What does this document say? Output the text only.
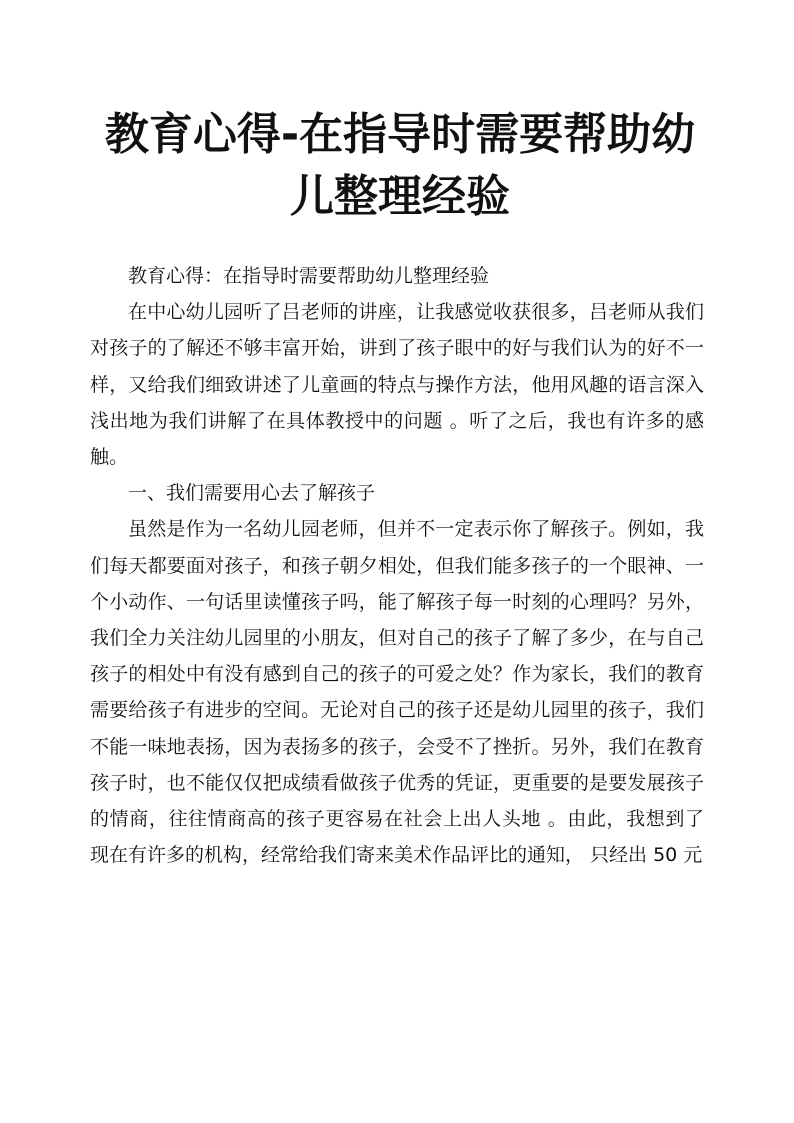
教育心得-在指导时需要帮助幼儿整理经验

教育心得：在指导时需要帮助幼儿整理经验

在中心幼儿园听了吕老师的讲座，让我感觉收获很多，吕老师从我们对孩子的了解还不够丰富开始，讲到了孩子眼中的好与我们认为的好不一样，又给我们细致讲述了儿童画的特点与操作方法，他用风趣的语言深入浅出地为我们讲解了在具体教授中的问题 。听了之后，我也有许多的感触。

一、我们需要用心去了解孩子

虽然是作为一名幼儿园老师，但并不一定表示你了解孩子。例如，我们每天都要面对孩子，和孩子朝夕相处，但我们能多孩子的一个眼神、一个小动作、一句话里读懂孩子吗，能了解孩子每一时刻的心理吗？另外，我们全力关注幼儿园里的小朋友，但对自己的孩子了解了多少，在与自己孩子的相处中有没有感到自己的孩子的可爱之处？作为家长，我们的教育需要给孩子有进步的空间。无论对自己的孩子还是幼儿园里的孩子，我们不能一味地表扬，因为表扬多的孩子，会受不了挫折。另外，我们在教育孩子时，也不能仅仅把成绩看做孩子优秀的凭证，更重要的是要发展孩子的情商，往往情商高的孩子更容易在社会上出人头地 。由此，我想到了现在有许多的机构，经常给我们寄来美术作品评比的通知， 只经出 50 元
